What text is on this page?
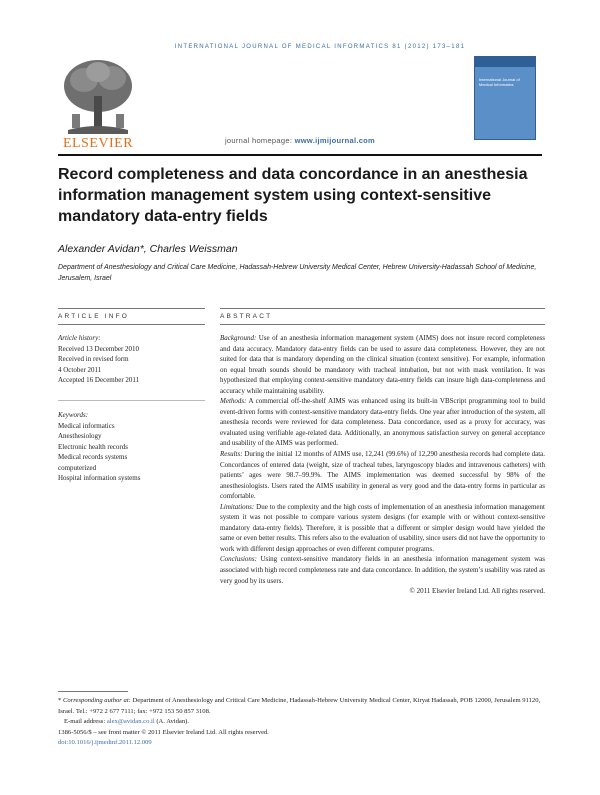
INTERNATIONAL JOURNAL OF MEDICAL INFORMATICS 81 (2012) 173–181
ELSEVIER	journal homepage: www.ijmijournal.com
International Journal of Medical Informatics
Record completeness and data concordance in an anesthesia information management system using context-sensitive mandatory data-entry fields
Alexander Avidan*, Charles Weissman
Department of Anesthesiology and Critical Care Medicine, Hadassah-Hebrew University Medical Center, Hebrew University-Hadassah School of Medicine, Jerusalem, Israel
ARTICLE INFO
Article history:
Received 13 December 2010
Received in revised form
4 October 2011
Accepted 16 December 2011
Keywords:
Medical informatics
Anesthesiology
Electronic health records
Medical records systems
computerized
Hospital information systems
ABSTRACT
Background: Use of an anesthesia information management system (AIMS) does not insure record completeness and data accuracy. Mandatory data-entry fields can be used to assure data completeness. However, they are not suited for data that is mandatory depending on the clinical situation (context sensitive). For example, information on equal breath sounds should be mandatory with tracheal intubation, but not with mask ventilation. It was hypothesized that employing context-sensitive mandatory data-entry fields can insure high data-completeness and accuracy while maintaining usability.
Methods: A commercial off-the-shelf AIMS was enhanced using its built-in VBScript programming tool to build event-driven forms with context-sensitive mandatory data-entry fields. One year after introduction of the system, all anesthesia records were reviewed for data completeness. Data concordance, used as a proxy for accuracy, was evaluated using verifiable age-related data. Additionally, an anonymous satisfaction survey on general acceptance and usability of the AIMS was performed.
Results: During the initial 12 months of AIMS use, 12,241 (99.6%) of 12,290 anesthesia records had complete data. Concordances of entered data (weight, size of tracheal tubes, laryngoscopy blades and intravenous catheters) with patients’ ages were 98.7–99.9%. The AIMS implementation was deemed successful by 98% of the anesthesiologists. Users rated the AIMS usability in general as very good and the data-entry forms in particular as comfortable.
Limitations: Due to the complexity and the high costs of implementation of an anesthesia information management system it was not possible to compare various system designs (for example with or without context-sensitive mandatory data-entry fields). Therefore, it is possible that a different or simpler design would have yielded the same or even better results. This refers also to the evaluation of usability, since users did not have the opportunity to work with different design approaches or even different computer programs.
Conclusions: Using context-sensitive mandatory fields in an anesthesia information management system was associated with high record completeness rate and data concordance. In addition, the system’s usability was rated as very good by its users.
© 2011 Elsevier Ireland Ltd. All rights reserved.
* Corresponding author at: Department of Anesthesiology and Critical Care Medicine, Hadassah-Hebrew University Medical Center, Kiryat Hadassah, POB 12000, Jerusalem 91120, Israel. Tel.: +972 2 677 7111; fax: +972 153 50 857 3108.
E-mail address: alex@avidan.co.il (A. Avidan).
1386-5056/$ – see front matter © 2011 Elsevier Ireland Ltd. All rights reserved.
doi:10.1016/j.ijmedinf.2011.12.009
